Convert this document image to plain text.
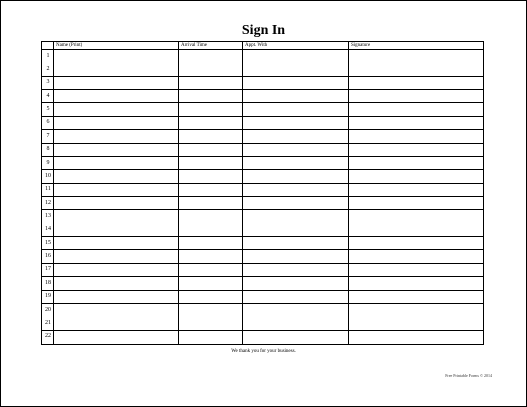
Sign In
Name (Print)	Arrival Time	Appt. With	Signature
1
2
3
4
5
6
7
8
9
10
11
12
13
14
15
16
17
18
19
20
21
22
We thank you for your business.
Free Printable Forms © 2014
